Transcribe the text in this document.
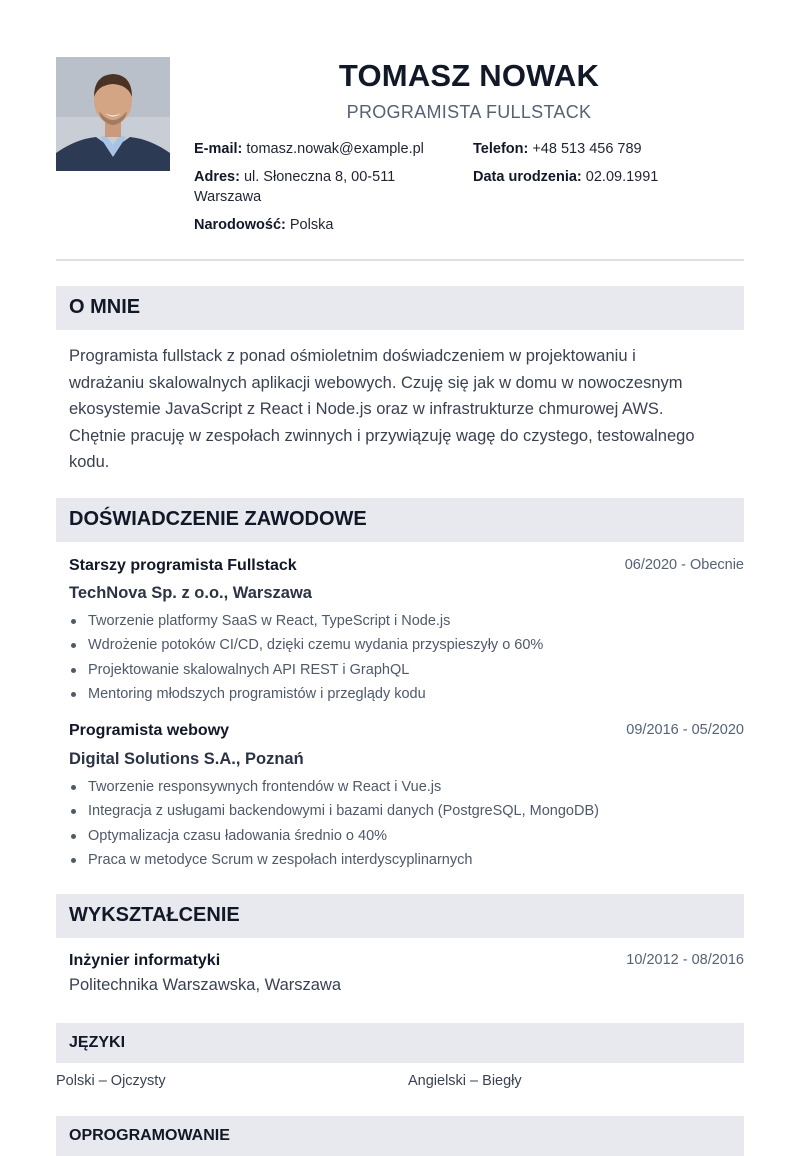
TOMASZ NOWAK
PROGRAMISTA FULLSTACK
E-mail: tomasz.nowak@example.pl	Telefon: +48 513 456 789
Adres: ul. Słoneczna 8, 00-511
Warszawa
Data urodzenia: 02.09.1991
Narodowość: Polska
O MNIE
Programista fullstack z ponad ośmioletnim doświadczeniem w projektowaniu i
wdrażaniu skalowalnych aplikacji webowych. Czuję się jak w domu w nowoczesnym
ekosystemie JavaScript z React i Node.js oraz w infrastrukturze chmurowej AWS.
Chętnie pracuję w zespołach zwinnych i przywiązuję wagę do czystego, testowalnego
kodu.
DOŚWIADCZENIE ZAWODOWE
Starszy programista Fullstack	06/2020 - Obecnie
TechNova Sp. z o.o., Warszawa
Tworzenie platformy SaaS w React, TypeScript i Node.js
Wdrożenie potoków CI/CD, dzięki czemu wydania przyspieszyły o 60%
Projektowanie skalowalnych API REST i GraphQL
Mentoring młodszych programistów i przeglądy kodu
Programista webowy	09/2016 - 05/2020
Digital Solutions S.A., Poznań
Tworzenie responsywnych frontendów w React i Vue.js
Integracja z usługami backendowymi i bazami danych (PostgreSQL, MongoDB)
Optymalizacja czasu ładowania średnio o 40%
Praca w metodyce Scrum w zespołach interdyscyplinarnych
WYKSZTAŁCENIE
Inżynier informatyki	10/2012 - 08/2016
Politechnika Warszawska, Warszawa
JĘZYKI
Polski – Ojczysty	Angielski – Biegły
OPROGRAMOWANIE
